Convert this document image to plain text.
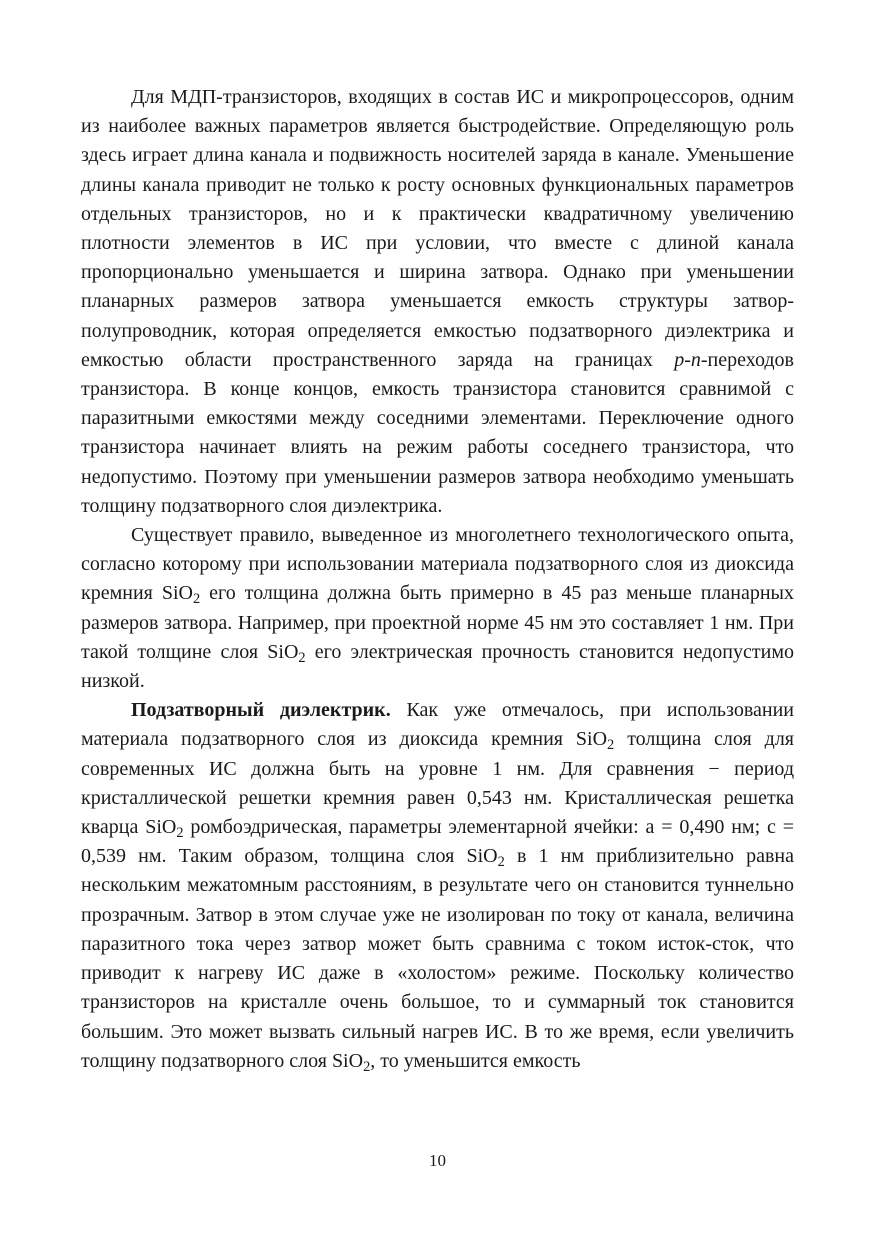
Для МДП-транзисторов, входящих в состав ИС и микропроцессоров, одним из наиболее важных параметров является быстродействие. Определяющую роль здесь играет длина канала и подвижность носителей заряда в канале. Уменьшение длины канала приводит не только к росту основных функциональных параметров отдельных транзисторов, но и к практически квадратичному увеличению плотности элементов в ИС при условии, что вместе с длиной канала пропорционально уменьшается и ширина затвора. Однако при уменьшении планарных размеров затвора уменьшается емкость структуры затвор-полупроводник, которая определяется емкостью подзатворного диэлектрика и емкостью области пространственного заряда на границах p-n-переходов транзистора. В конце концов, емкость транзистора становится сравнимой с паразитными емкостями между соседними элементами. Переключение одного транзистора начинает влиять на режим работы соседнего транзистора, что недопустимо. Поэтому при уменьшении размеров затвора необходимо уменьшать толщину подзатворного слоя диэлектрика.

Существует правило, выведенное из многолетнего технологического опыта, согласно которому при использовании материала подзатворного слоя из диоксида кремния SiO$_2$ его толщина должна быть примерно в 45 раз меньше планарных размеров затвора. Например, при проектной норме 45 нм это составляет 1 нм. При такой толщине слоя SiO$_2$ его электрическая прочность становится недопустимо низкой.

Подзатворный диэлектрик. Как уже отмечалось, при использовании материала подзатворного слоя из диоксида кремния SiO$_2$ толщина слоя для современных ИС должна быть на уровне 1 нм. Для сравнения − период кристаллической решетки кремния равен 0,543 нм. Кристаллическая решетка кварца SiO$_2$ ромбоэдрическая, параметры элементарной ячейки: a = 0,490 нм; c = 0,539 нм. Таким образом, толщина слоя SiO$_2$ в 1 нм приблизительно равна нескольким межатомным расстояниям, в результате чего он становится туннельно прозрачным. Затвор в этом случае уже не изолирован по току от канала, величина паразитного тока через затвор может быть сравнима с током исток-сток, что приводит к нагреву ИС даже в «холостом» режиме. Поскольку количество транзисторов на кристалле очень большое, то и суммарный ток становится большим. Это может вызвать сильный нагрев ИС. В то же время, если увеличить толщину подзатворного слоя SiO$_2$, то уменьшится емкость

10
